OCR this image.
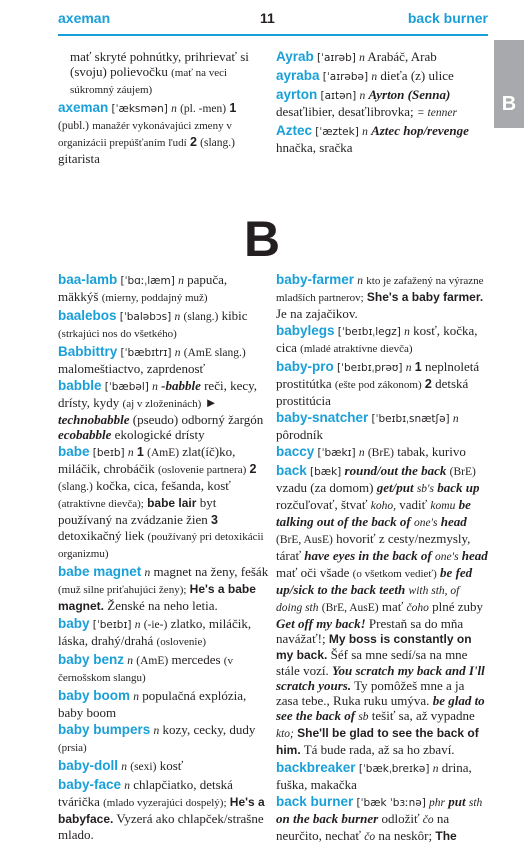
axeman	11	back burner
B

mať skryté pohnútky, prihrievať si (svoju) polievočku (mať na veci súkromný záujem)

axeman [ˈæksmən] n (pl. -men) 1 (publ.) manažér vykonávajúci zmeny v organizácii prepúšťaním ľudí 2 (slang.) gitarista

Ayrab [ˈaɪrəb] n Arabáč, Arab

ayraba [ˈaɪrəbə] n dieťa (z) ulice

ayrton [aɪtən] n Ayrton (Senna) desaťlibier, desaťlibrovka; = tenner

Aztec [ˈæztek] n Aztec hop/revenge hnačka, sračka

B

baa-lamb [ˈbɑːˌlæm] n papuča, mäkkýš (mierny, poddajný muž)

baalebos [ˈbaləbɔs] n (slang.) kibic (strkajúci nos do všetkého)

Babbittry [ˈbæbɪtrɪ] n (AmE slang.) malomeštiactvo, zaprdenosť

babble [ˈbæbəl] n -babble reči, kecy, drísty, kydy (aj v zloženinách) ► technobabble (pseudo) odborný žargón ecobabble ekologické drísty

babe [beɪb] n 1 (AmE) zlat(íč)ko, miláčik, chrobáčik (oslovenie partnera) 2 (slang.) kočka, cica, fešanda, kosť (atraktívne dievča); babe lair byt používaný na zvádzanie žien 3 detoxikačný liek (používaný pri detoxikácii organizmu)

babe magnet n magnet na ženy, fešák (muž silne priťahujúci ženy); He's a babe magnet. Ženské na neho letia.

baby [ˈbeɪbɪ] n (-ie-) zlatko, miláčik, láska, drahý/drahá (oslovenie)

baby benz n (AmE) mercedes (v černošskom slangu)

baby boom n populačná explózia, baby boom

baby bumpers n kozy, cecky, dudy (prsia)

baby-doll n (sexi) kosť

baby-face n chlapčiatko, detská tvárička (mlado vyzerajúci dospelý); He's a babyface. Vyzerá ako chlapček/strašne mlado.

baby-farmer n kto je zafažený na výrazne mladších partnerov; She's a baby farmer. Je na zajačikov.

babylegs [ˈbeɪbɪˌlegz] n kosť, kočka, cica (mladé atraktívne dievča)

baby-pro [ˈbeɪbɪˌprəʊ] n 1 neplnoletá prostitútka (ešte pod zákonom) 2 detská prostitúcia

baby-snatcher [ˈbeɪbɪˌsnætʃə] n pôrodník

baccy [ˈbækɪ] n (BrE) tabak, kurivo

back [bæk] round/out the back (BrE) vzadu (za domom) get/put sb's back up rozčuľovať, štvať koho, vadiť komu be talking out of the back of one's head (BrE, AusE) hovoriť z cesty/nezmysly, tárať have eyes in the back of one's head mať oči všade (o všetkom vedieť) be fed up/sick to the back teeth with sth, of doing sth (BrE, AusE) mať čoho plné zuby Get off my back! Prestaň sa do mňa navážať!; My boss is constantly on my back. Šéf sa mne sedí/sa na mne stále vozí. You scratch my back and I'll scratch yours. Ty pomôžeš mne a ja zasa tebe., Ruka ruku umýva. be glad to see the back of sb tešiť sa, až vypadne kto; She'll be glad to see the back of him. Tá bude rada, až sa ho zbaví.

backbreaker [ˈbækˌbreɪkə] n drina, fuška, makačka

back burner [ˈbæk ˈbɜːnə] phr put sth on the back burner odložiť čo na neurčito, nechať čo na neskôr; The
